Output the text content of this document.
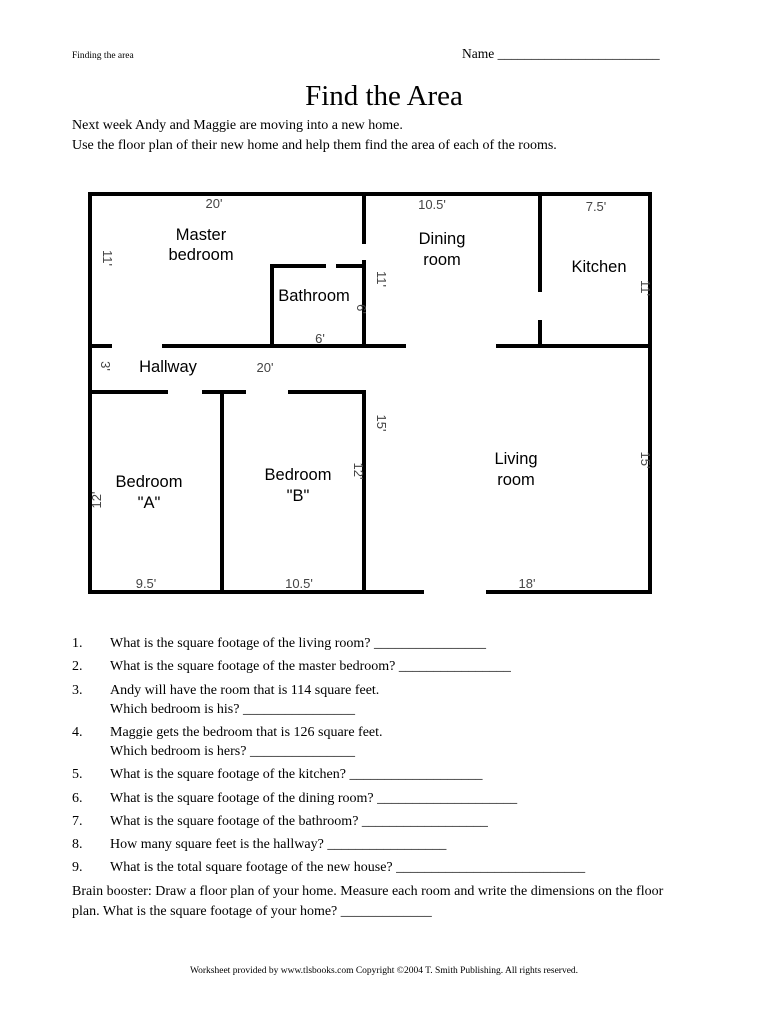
Finding the area	Name ________________________
Find the Area
Next week Andy and Maggie are moving into a new home.
Use the floor plan of their new home and help them find the area of each of the rooms.
Master
bedroom
Bathroom
Dining
room	Kitchen
Hallway
Bedroom
"A"
Bedroom
"B"
Living
room
20'
11'
10.5'
11'
7.5'
11'
6'
6'
3'	20'
12'
9.5'
12'
10.5'
15'
15'
18'
1. What is the square footage of the living room? ________________
2. What is the square footage of the master bedroom? ________________
3. Andy will have the room that is 114 square feet.
Which bedroom is his? ________________
4. Maggie gets the bedroom that is 126 square feet.
Which bedroom is hers? _______________
5. What is the square footage of the kitchen? ___________________
6. What is the square footage of the dining room? ____________________
7. What is the square footage of the bathroom? __________________
8. How many square feet is the hallway? _________________
9. What is the total square footage of the new house? ___________________________
Brain booster: Draw a floor plan of your home. Measure each room and write the dimensions on the floor plan. What is the square footage of your home? _____________
Worksheet provided by www.tlsbooks.com Copyright ©2004 T. Smith Publishing. All rights reserved.
